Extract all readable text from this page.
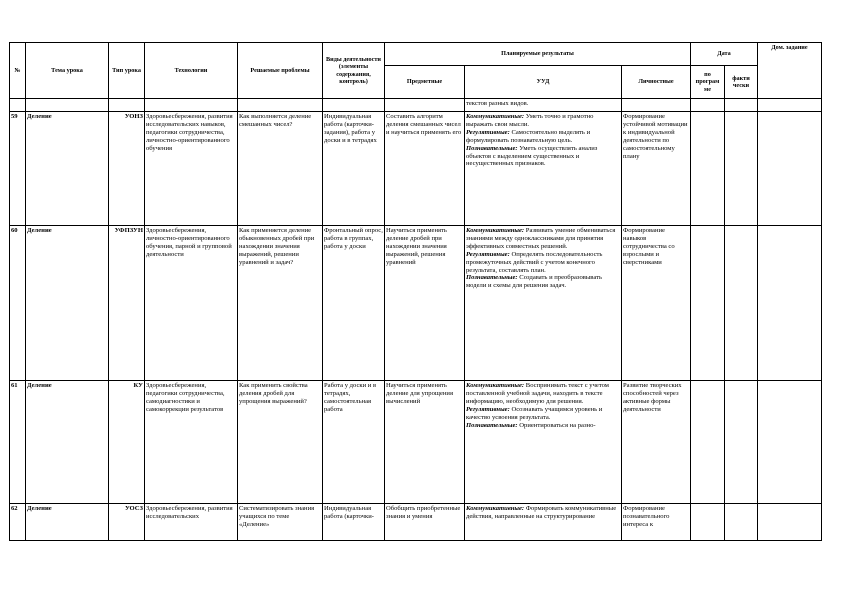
№	Тема урока	Тип урока	Технологии	Решаемые проблемы	Виды деятельности (элементы содержания, контроль)	Планируемые результаты			Дата		Дом. задание
						Предметные	УУД	Личностные	по програм ме	факти чески	
							текстов разных видов.				
59	Деление	УОНЗ	Здоровьесбережения, развития исследовательских навыков, педагогики сотрудничества, личностно-ориентированного обучения	Как выполняется деление смешанных чисел?	Индивидуальная работа (карточки-задания), работа у доски и в тетрадях	Составить алгоритм деления смешанных чисел и научиться применять его	Коммуникативные: Уметь точно и грамотно выражать свои мысли.
Регулятивные: Самостоятельно выделять и формулировать познавательную цель.
Познавательные: Уметь осуществлять анализ объектов с выделением существенных и несущественных признаков.	Формирование устойчивой мотивации к индивидуальной деятельности по самостоятельному плану			
60	Деление	УФПЗУН	Здоровьесбережения, личностно-ориентированного обучения, парной и групповой деятельности	Как применяется деление обыкновенных дробей при нахождении значения выражений, решении уравнений и задач?	Фронтальный опрос, работа в группах, работа у доски	Научиться применять деление дробей при нахождении значения выражений, решения уравнений	Коммуникативные: Развивать умение обмениваться знаниями между одноклассниками для принятия эффективных совместных решений.
Регулятивные: Определять последовательность промежуточных действий с учетом конечного результата, составлять план.
Познавательные: Создавать и преобразовывать модели и схемы для решения задач.	Формирование навыков сотрудничества со взрослыми и сверстниками			
61	Деление	КУ	Здоровьесбережения, педагогики сотрудничества, самодиагностики и самокоррекции результатов	Как применить свойства деления дробей для упрощения выражений?	Работа у доски и в тетрадях, самостоятельная работа	Научиться применять деление для упрощения вычислений	Коммуникативные: Воспринимать текст с учетом поставленной учебной задачи, находить в тексте информацию, необходимую для решения.
Регулятивные: Осознавать учащимся уровень и качество усвоения результата.
Познавательные: Ориентироваться на разно-	Развитие творческих способностей через активные формы деятельности			
62	Деление	УОСЗ	Здоровьесбережения, развития исследовательских	Систематизировать знания учащихся по теме «Деление»	Индивидуальная работа (карточки-	Обобщить приобретенные знания и умения	Коммуникативные: Формировать коммуникативные действия, направленные на структурирование	Формирование познавательного интереса к			
